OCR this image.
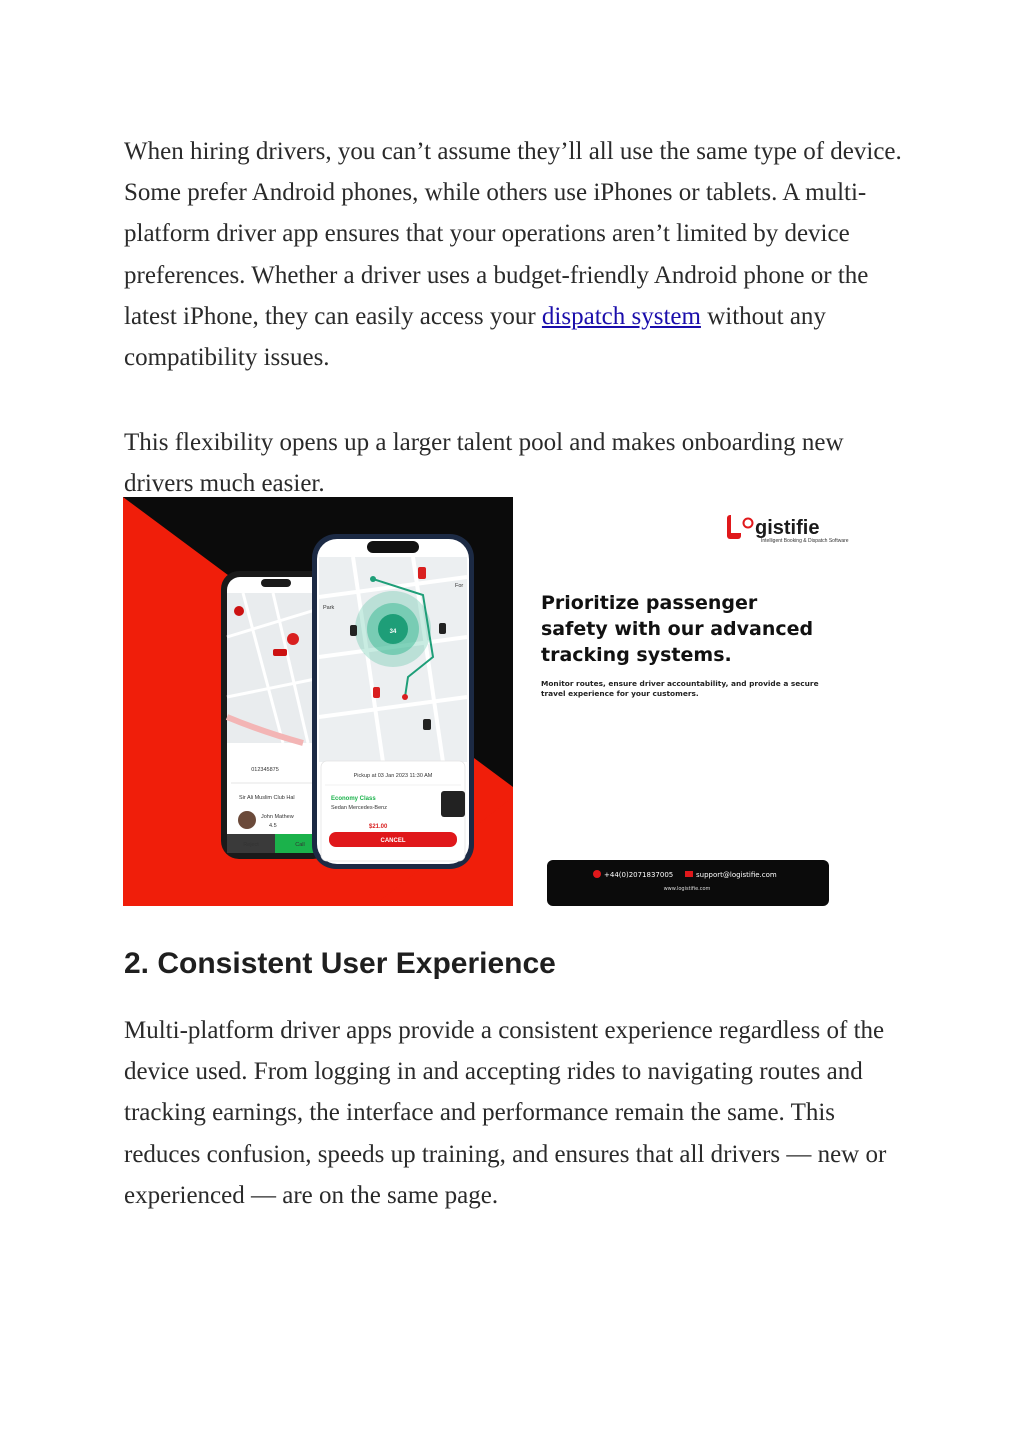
When hiring drivers, you can’t assume they’ll all use the same type of device. Some prefer Android phones, while others use iPhones or tablets. A multi-platform driver app ensures that your operations aren’t limited by device preferences. Whether a driver uses a budget-friendly Android phone or the latest iPhone, they can easily access your dispatch system without any compatibility issues.

This flexibility opens up a larger talent pool and makes onboarding new drivers much easier.

012345875
Sir Ali Muslim Club Hal
John Mathew
4.5
Reject	Call
34
Park
For
Pickup at 03 Jan 2023 11:30 AM
Economy Class
Sedan Mercedes-Benz
$21.00
CANCEL
gistifie
Intelligent Booking & Dispatch Software
Prioritize passenger
safety with our advanced
tracking systems.
Monitor routes, ensure driver accountability, and provide a secure
travel experience for your customers.
+44(0)2071837005	support@logistifie.com
www.logistifie.com
2. Consistent User Experience

Multi-platform driver apps provide a consistent experience regardless of the device used. From logging in and accepting rides to navigating routes and tracking earnings, the interface and performance remain the same. This reduces confusion, speeds up training, and ensures that all drivers — new or experienced — are on the same page.
